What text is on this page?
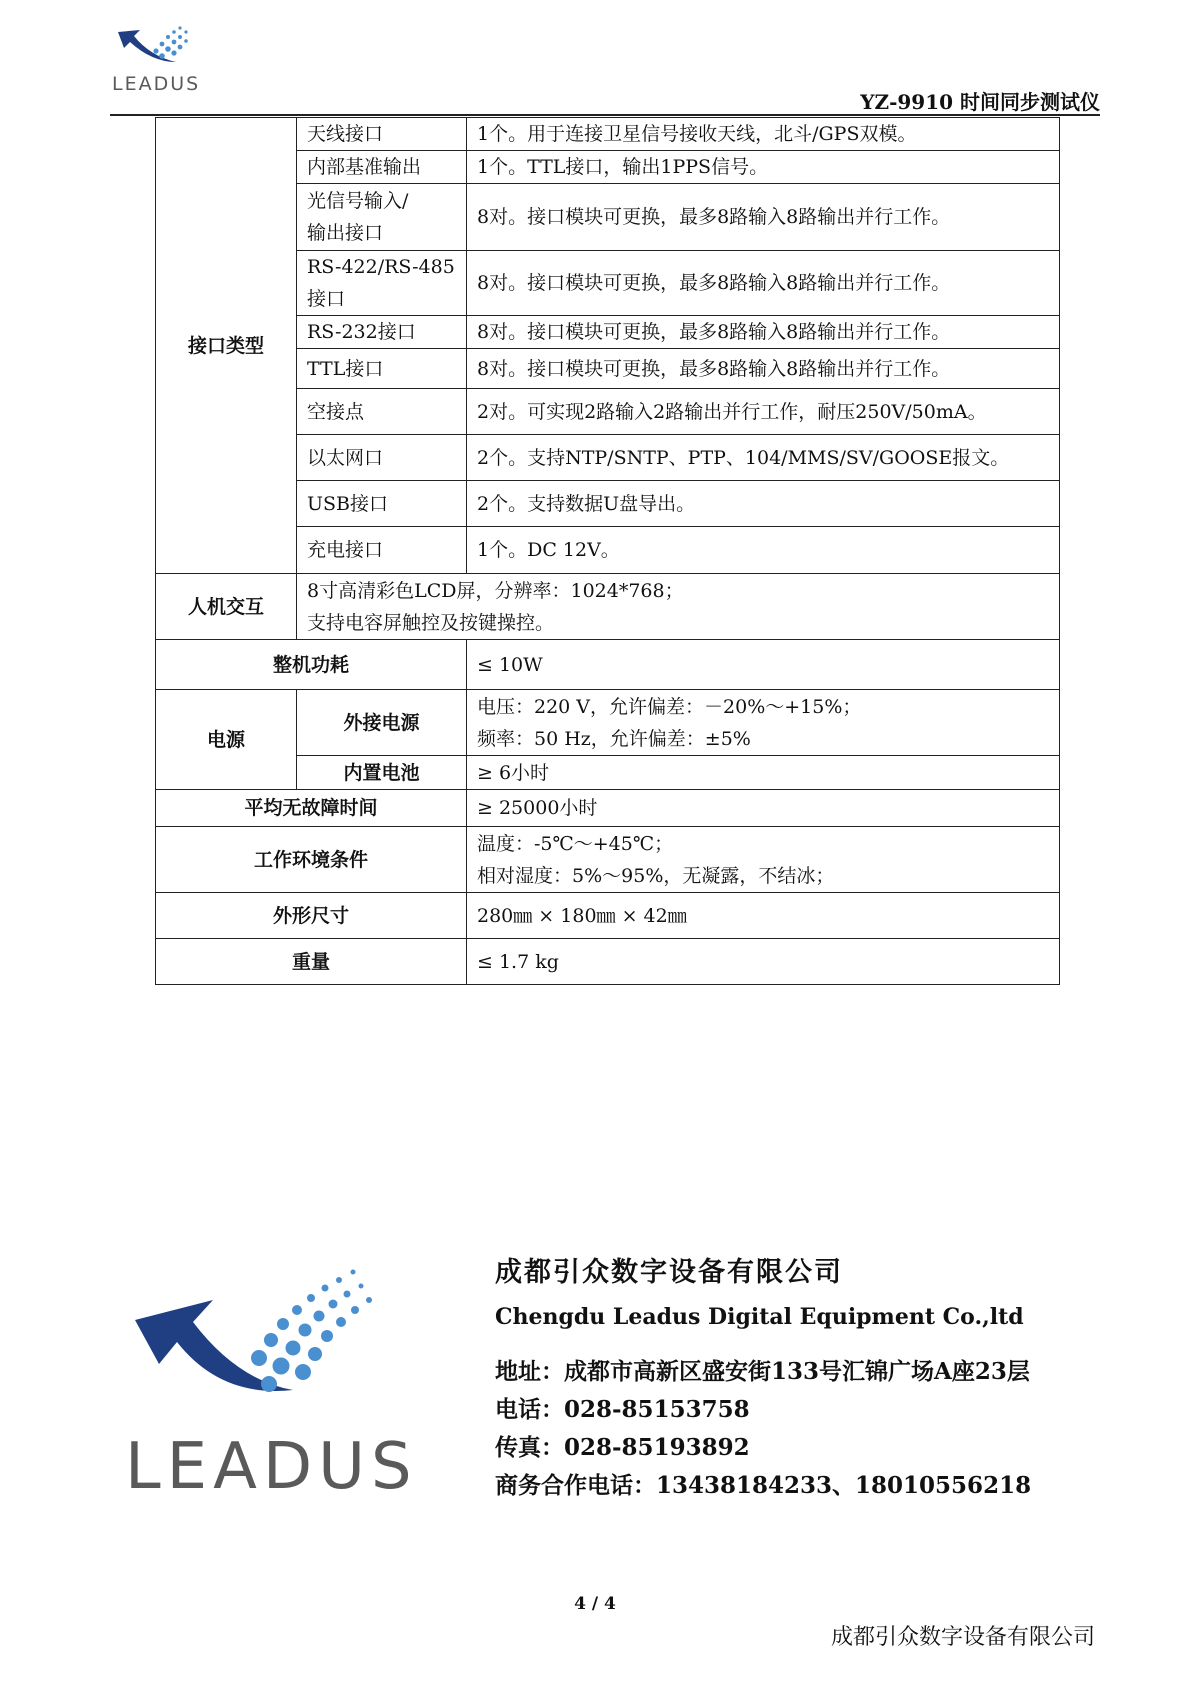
LEADUS
YZ-9910 时间同步测试仪
接口类型	天线接口	1个。用于连接卫星信号接收天线，北斗/GPS双模。
	内部基准输出	1个。TTL接口，输出1PPS信号。

	光信号输入/
输出接口	8对。接口模块可更换，最多8路输入8路输出并行工作。

	RS-422/RS-485
接口	8对。接口模块可更换，最多8路输入8路输出并行工作。
	RS-232接口	8对。接口模块可更换，最多8路输入8路输出并行工作。
	TTL接口	8对。接口模块可更换，最多8路输入8路输出并行工作。
	空接点	2对。可实现2路输入2路输出并行工作，耐压250V/50mA。
	以太网口	2个。支持NTP/SNTP、PTP、104/MMS/SV/GOOSE报文。
	USB接口	2个。支持数据U盘导出。
	充电接口	1个。DC 12V。
人机交互	8寸高清彩色LCD屏，分辨率：1024*768；
支持电容屏触控及按键操控。	

整机功耗		≤ 10W
电源	外接电源	电压：220 V，允许偏差：－20%～+15%；
频率：50 Hz，允许偏差：±5%

	内置电池	≥ 6小时
平均无故障时间		≥ 25000小时
工作环境条件		温度：-5℃～+45℃；
相对湿度：5%～95%，无凝露，不结冰；

外形尺寸		280㎜ × 180㎜ × 42㎜
重量		≤ 1.7 kg
LEADUS
成都引众数字设备有限公司
Chengdu Leadus Digital Equipment Co.,ltd
地址：成都市高新区盛安街133号汇锦广场A座23层
电话：028-85153758
传真：028-85193892
商务合作电话：13438184233、18010556218
4 / 4
成都引众数字设备有限公司
